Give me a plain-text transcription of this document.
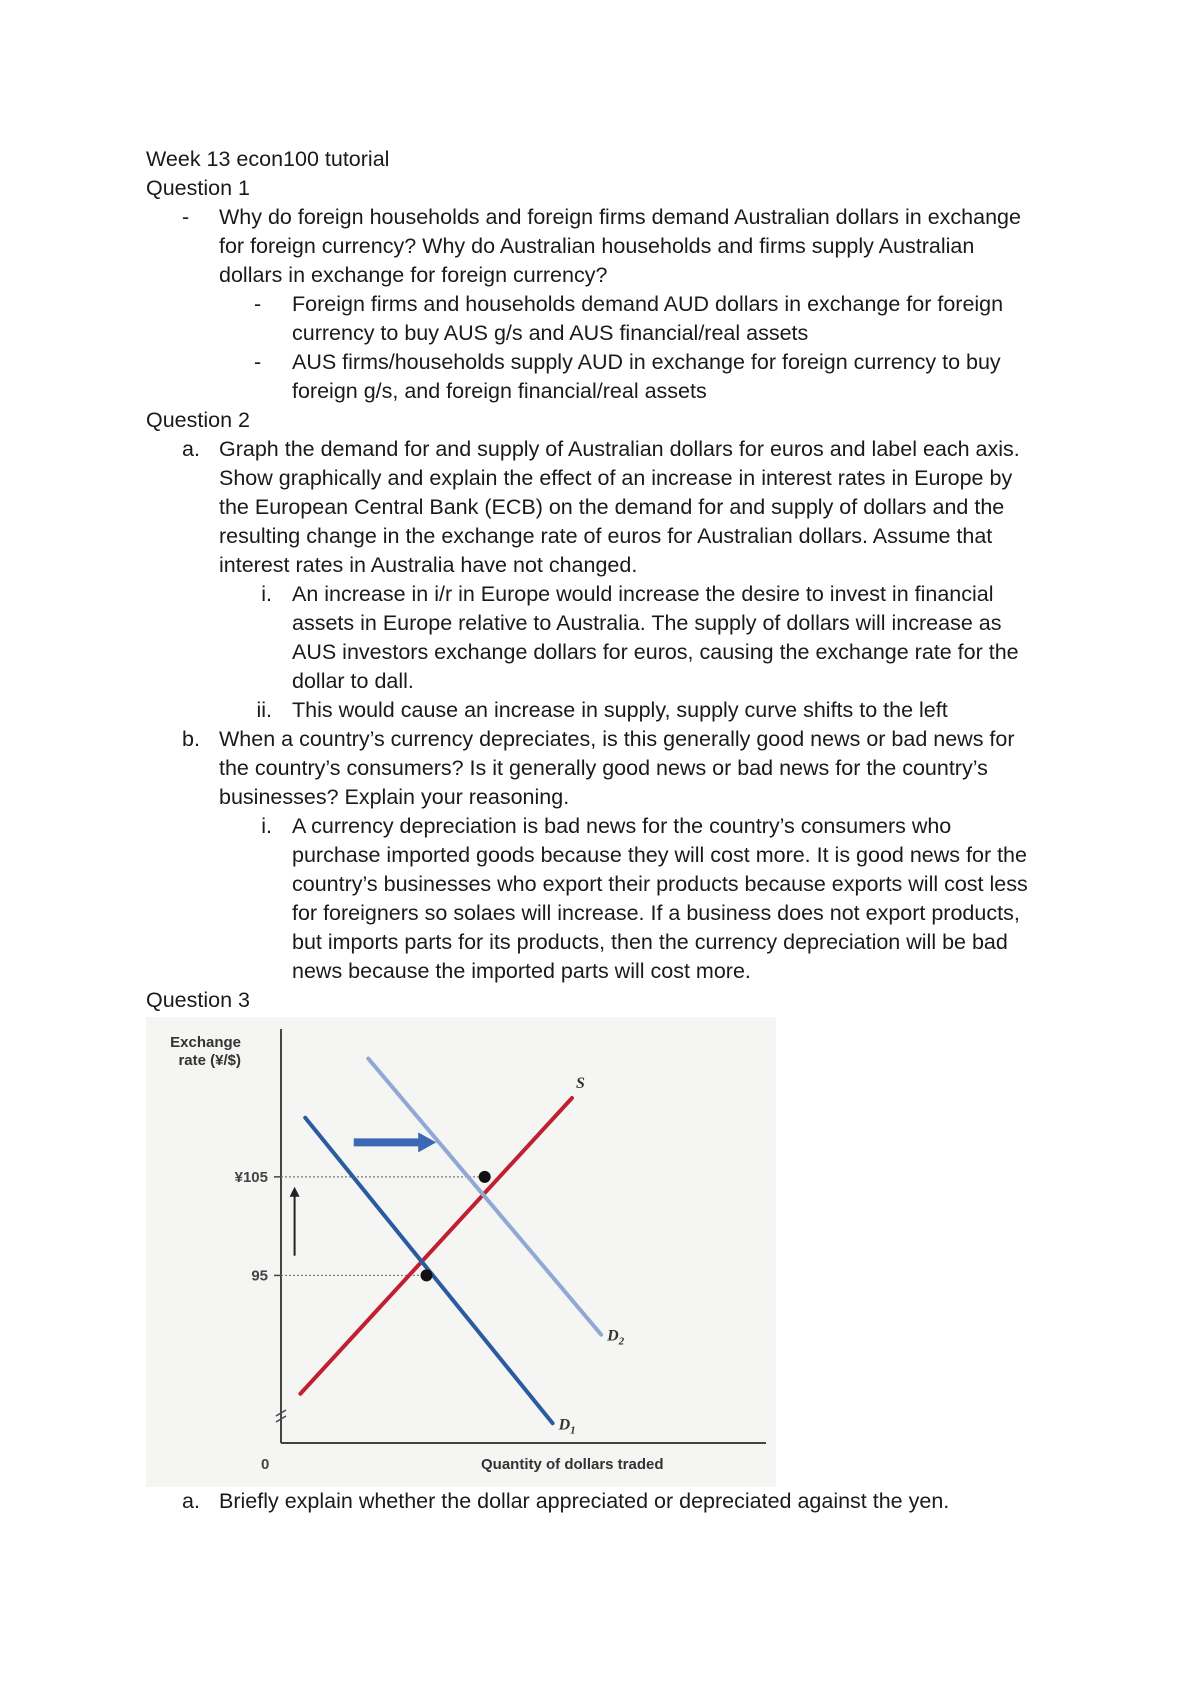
Week 13 econ100 tutorial
Question 1
- Why do foreign households and foreign firms demand Australian dollars in exchange
for foreign currency? Why do Australian households and firms supply Australian
dollars in exchange for foreign currency?
- Foreign firms and households demand AUD dollars in exchange for foreign
currency to buy AUS g/s and AUS financial/real assets
- AUS firms/households supply AUD in exchange for foreign currency to buy
foreign g/s, and foreign financial/real assets
Question 2
a. Graph the demand for and supply of Australian dollars for euros and label each axis.
Show graphically and explain the effect of an increase in interest rates in Europe by
the European Central Bank (ECB) on the demand for and supply of dollars and the
resulting change in the exchange rate of euros for Australian dollars. Assume that
interest rates in Australia have not changed.
i. An increase in i/r in Europe would increase the desire to invest in financial
assets in Europe relative to Australia. The supply of dollars will increase as
AUS investors exchange dollars for euros, causing the exchange rate for the
dollar to dall.
ii. This would cause an increase in supply, supply curve shifts to the left
b. When a country’s currency depreciates, is this generally good news or bad news for
the country’s consumers? Is it generally good news or bad news for the country’s
businesses? Explain your reasoning.
i. A currency depreciation is bad news for the country’s consumers who
purchase imported goods because they will cost more. It is good news for the
country’s businesses who export their products because exports will cost less
for foreigners so solaes will increase. If a business does not export products,
but imports parts for its products, then the currency depreciation will be bad
news because the imported parts will cost more.
Question 3
Exchange
rate (¥/$)
Quantity of dollars traded
0
¥105
95
S
$D_1$
$D_2$
a. Briefly explain whether the dollar appreciated or depreciated against the yen.
